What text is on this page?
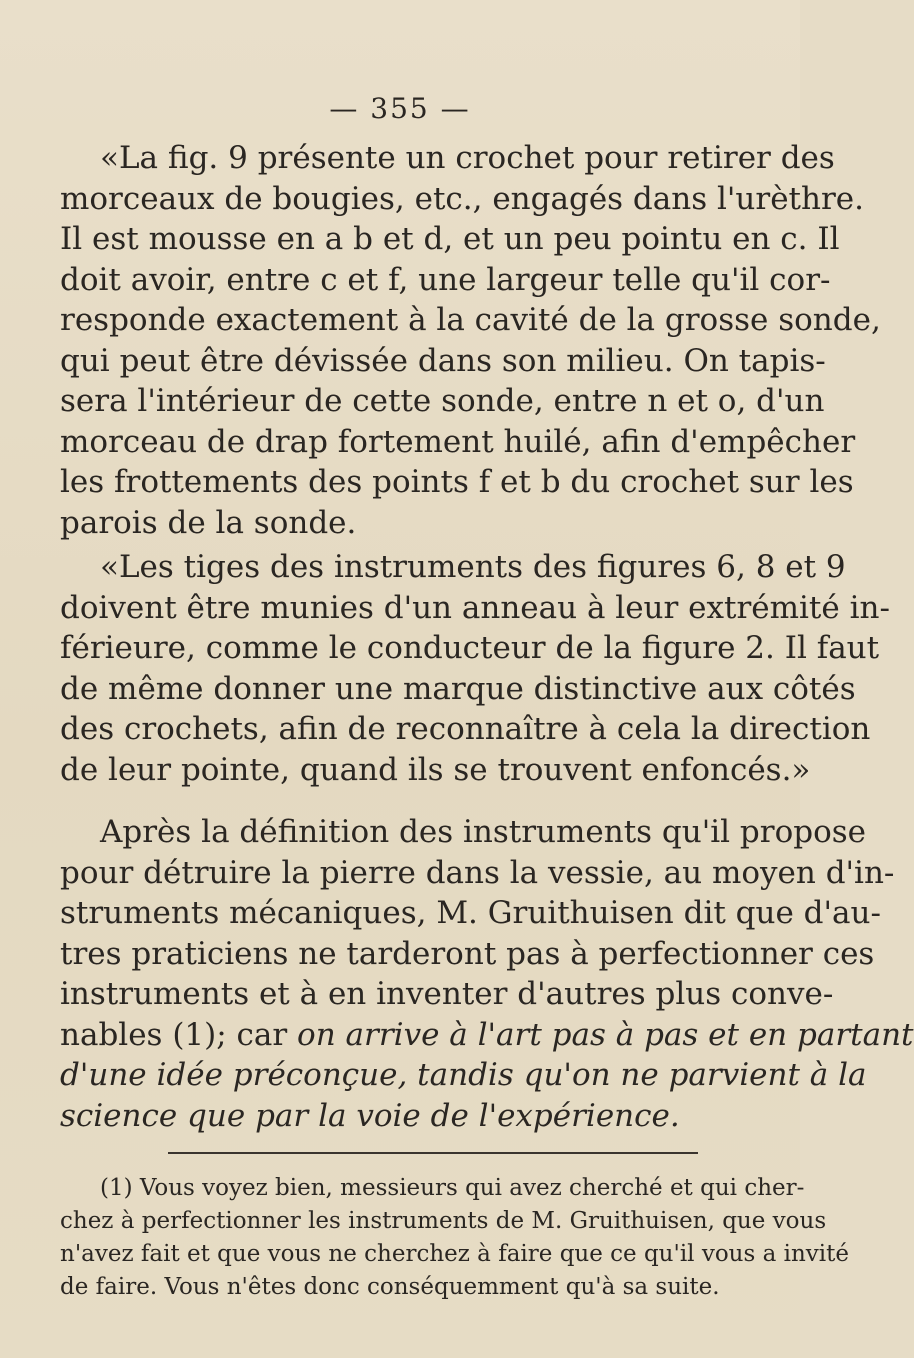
— 355 —
«La fig. 9 présente un crochet pour retirer des
morceaux de bougies, etc., engagés dans l'urèthre.
Il est mousse en a b et d, et un peu pointu en c. Il
doit avoir, entre c et f, une largeur telle qu'il cor-
responde exactement à la cavité de la grosse sonde,
qui peut être dévissée dans son milieu. On tapis-
sera l'intérieur de cette sonde, entre n et o, d'un
morceau de drap fortement huilé, afin d'empêcher
les frottements des points f et b du crochet sur les
parois de la sonde.
«Les tiges des instruments des figures 6, 8 et 9
doivent être munies d'un anneau à leur extrémité in-
férieure, comme le conducteur de la figure 2. Il faut
de même donner une marque distinctive aux côtés
des crochets, afin de reconnaître à cela la direction
de leur pointe, quand ils se trouvent enfoncés.»
Après la définition des instruments qu'il propose
pour détruire la pierre dans la vessie, au moyen d'in-
struments mécaniques, M. Gruithuisen dit que d'au-
tres praticiens ne tarderont pas à perfectionner ces
instruments et à en inventer d'autres plus conve-
nables (1); car on arrive à l'art pas à pas et en partant
d'une idée préconçue, tandis qu'on ne parvient à la
science que par la voie de l'expérience.
(1) Vous voyez bien, messieurs qui avez cherché et qui cher-
chez à perfectionner les instruments de M. Gruithuisen, que vous
n'avez fait et que vous ne cherchez à faire que ce qu'il vous a invité
de faire. Vous n'êtes donc conséquemment qu'à sa suite.
